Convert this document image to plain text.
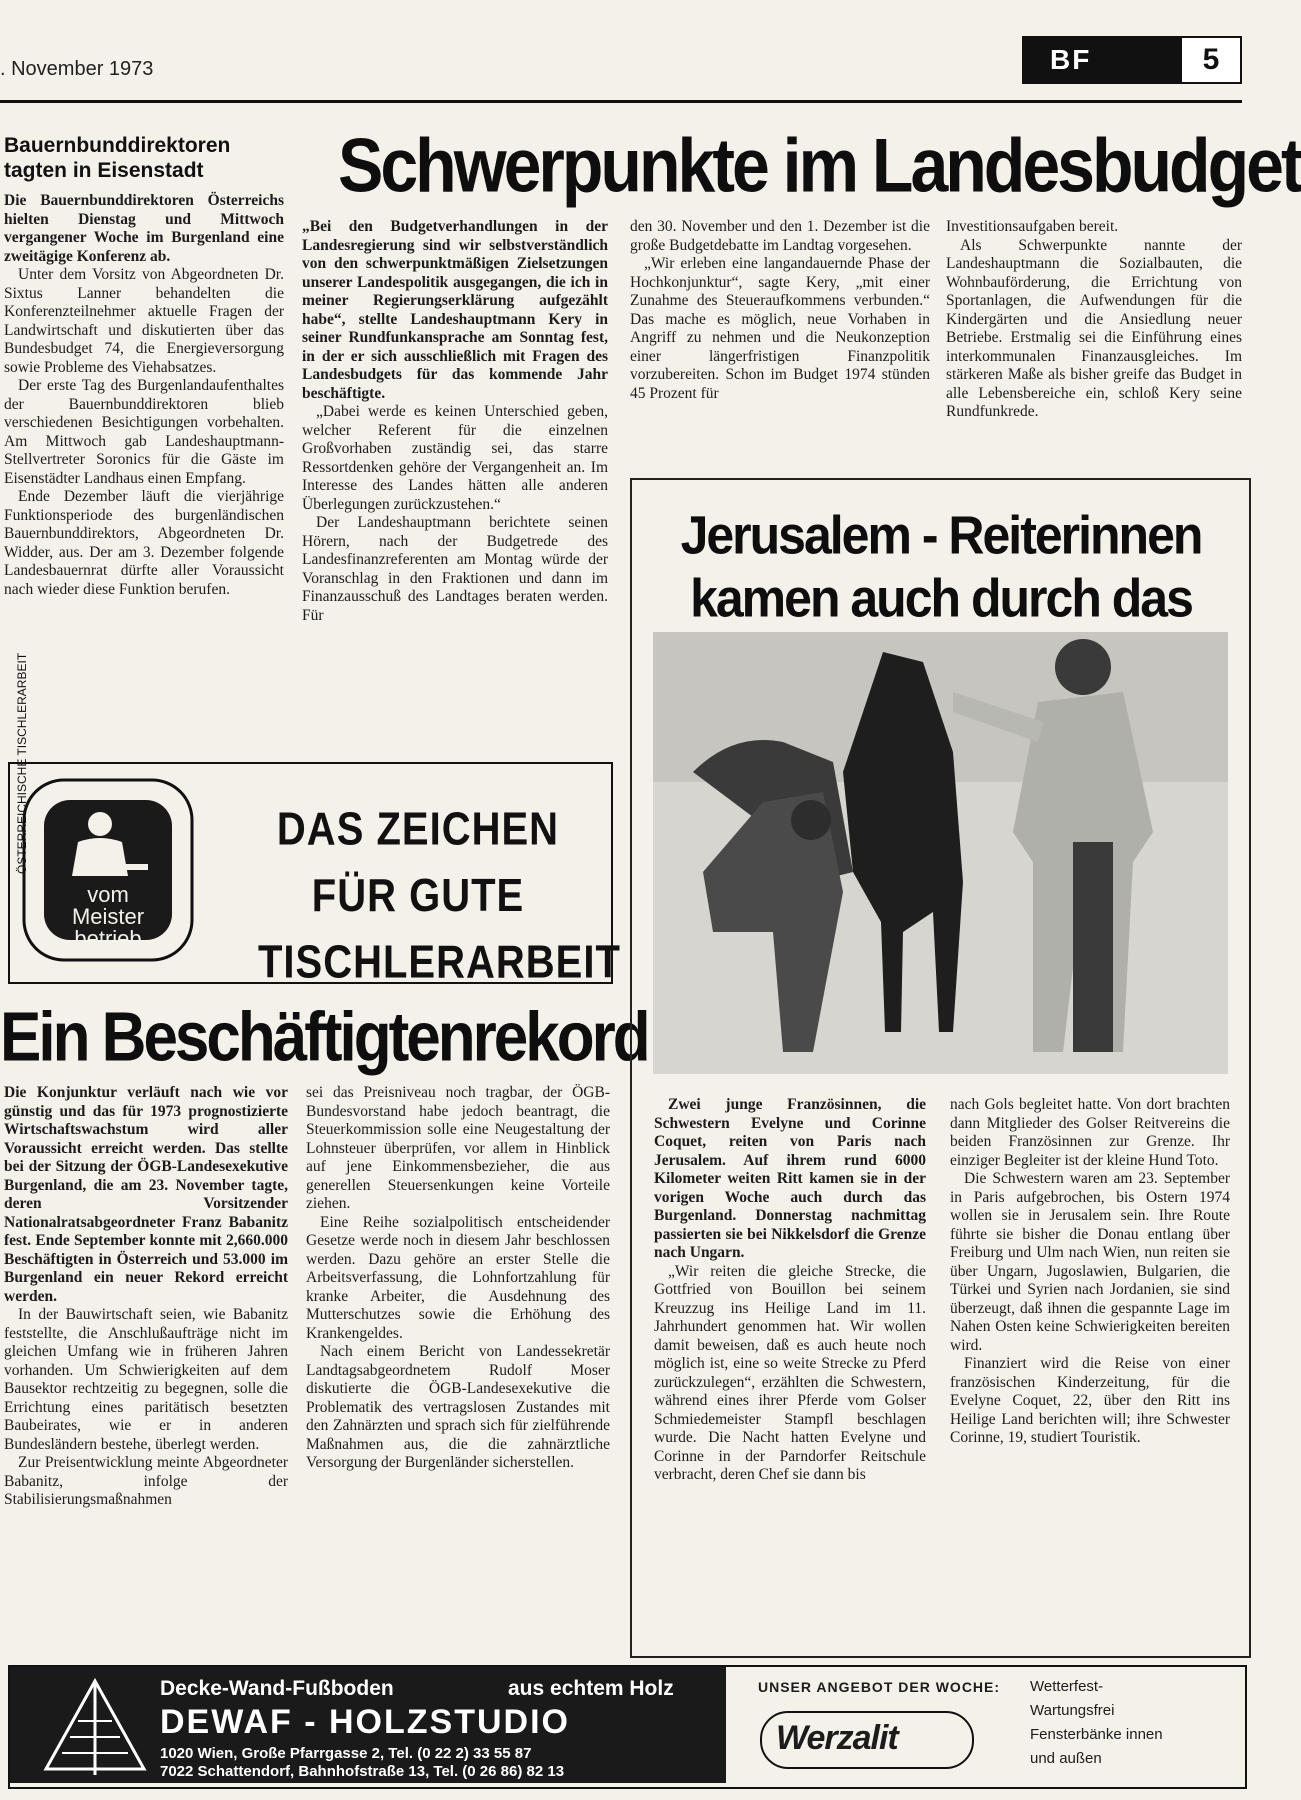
. November 1973	BF	5
Bauernbunddirektoren tagten in Eisenstadt

Die Bauernbunddirektoren Österreichs hielten Dienstag und Mittwoch vergangener Woche im Burgenland eine zweitägige Konferenz ab.

Unter dem Vorsitz von Abgeordneten Dr. Sixtus Lanner behandelten die Konferenzteilnehmer aktuelle Fragen der Landwirtschaft und diskutierten über das Bundesbudget 74, die Energieversorgung sowie Probleme des Viehabsatzes.

Der erste Tag des Burgenlandaufenthaltes der Bauernbunddirektoren blieb verschiedenen Besichtigungen vorbehalten. Am Mittwoch gab Landeshauptmann-Stellvertreter Soronics für die Gäste im Eisenstädter Landhaus einen Empfang.

Ende Dezember läuft die vierjährige Funktionsperiode des burgenländischen Bauernbunddirektors, Abgeordneten Dr. Widder, aus. Der am 3. Dezember folgende Landesbauernrat dürfte aller Voraussicht nach wieder diese Funktion berufen.

Schwerpunkte im Landesbudget

„Bei den Budgetverhandlungen in der Landesregierung sind wir selbstverständlich von den schwerpunktmäßigen Zielsetzungen unserer Landespolitik ausgegangen, die ich in meiner Regierungserklärung aufgezählt habe“, stellte Landeshauptmann Kery in seiner Rundfunkansprache am Sonntag fest, in der er sich ausschließlich mit Fragen des Landesbudgets für das kommende Jahr beschäftigte.

„Dabei werde es keinen Unterschied geben, welcher Referent für die einzelnen Großvorhaben zuständig sei, das starre Ressortdenken gehöre der Vergangenheit an. Im Interesse des Landes hätten alle anderen Überlegungen zurückzustehen.“

Der Landeshauptmann berichtete seinen Hörern, nach der Budgetrede des Landesfinanzreferenten am Montag würde der Voranschlag in den Fraktionen und dann im Finanzausschuß des Landtages beraten werden. Für

den 30. November und den 1. Dezember ist die große Budgetdebatte im Landtag vorgesehen.

„Wir erleben eine langandauernde Phase der Hochkonjunktur“, sagte Kery, „mit einer Zunahme des Steueraufkommens verbunden.“ Das mache es möglich, neue Vorhaben in Angriff zu nehmen und die Neukonzeption einer längerfristigen Finanzpolitik vorzubereiten. Schon im Budget 1974 stünden 45 Prozent für

Investitionsaufgaben bereit.

Als Schwerpunkte nannte der Landeshauptmann die Sozialbauten, die Wohnbauförderung, die Errichtung von Sportanlagen, die Aufwendungen für die Kindergärten und die Ansiedlung neuer Betriebe. Erstmalig sei die Einführung eines interkommunalen Finanzausgleiches. Im stärkeren Maße als bisher greife das Budget in alle Lebensbereiche ein, schloß Kery seine Rundfunkrede.

ÖSTERREICHISCHE TISCHLERARBEIT
vom
Meister
betrieb
DAS ZEICHEN
FÜR GUTE
TISCHLERARBEIT
Ein Beschäftigtenrekord

Die Konjunktur verläuft nach wie vor günstig und das für 1973 prognostizierte Wirtschaftswachstum wird aller Voraussicht erreicht werden. Das stellte bei der Sitzung der ÖGB-Landesexekutive Burgenland, die am 23. November tagte, deren Vorsitzender Nationalratsabgeordneter Franz Babanitz fest. Ende September konnte mit 2,660.000 Beschäftigten in Österreich und 53.000 im Burgenland ein neuer Rekord erreicht werden.

In der Bauwirtschaft seien, wie Babanitz feststellte, die Anschlußaufträge nicht im gleichen Umfang wie in früheren Jahren vorhanden. Um Schwierigkeiten auf dem Bausektor rechtzeitig zu begegnen, solle die Errichtung eines paritätisch besetzten Baubeirates, wie er in anderen Bundesländern bestehe, überlegt werden.

Zur Preisentwicklung meinte Abgeordneter Babanitz, infolge der Stabilisierungsmaßnahmen

sei das Preisniveau noch tragbar, der ÖGB-Bundesvorstand habe jedoch beantragt, die Steuerkommission solle eine Neugestaltung der Lohnsteuer überprüfen, vor allem in Hinblick auf jene Einkommensbezieher, die aus generellen Steuersenkungen keine Vorteile ziehen.

Eine Reihe sozialpolitisch entscheidender Gesetze werde noch in diesem Jahr beschlossen werden. Dazu gehöre an erster Stelle die Arbeitsverfassung, die Lohnfortzahlung für kranke Arbeiter, die Ausdehnung des Mutterschutzes sowie die Erhöhung des Krankengeldes.

Nach einem Bericht von Landessekretär Landtagsabgeordnetem Rudolf Moser diskutierte die ÖGB-Landesexekutive die Problematik des vertragslosen Zustandes mit den Zahnärzten und sprach sich für zielführende Maßnahmen aus, die die zahnärztliche Versorgung der Burgenländer sicherstellen.

Jerusalem - Reiterinnen kamen auch durch das

Zwei junge Französinnen, die Schwestern Evelyne und Corinne Coquet, reiten von Paris nach Jerusalem. Auf ihrem rund 6000 Kilometer weiten Ritt kamen sie in der vorigen Woche auch durch das Burgenland. Donnerstag nachmittag passierten sie bei Nikkelsdorf die Grenze nach Ungarn.

„Wir reiten die gleiche Strecke, die Gottfried von Bouillon bei seinem Kreuzzug ins Heilige Land im 11. Jahrhundert genommen hat. Wir wollen damit beweisen, daß es auch heute noch möglich ist, eine so weite Strecke zu Pferd zurückzulegen“, erzählten die Schwestern, während eines ihrer Pferde vom Golser Schmiedemeister Stampfl beschlagen wurde. Die Nacht hatten Evelyne und Corinne in der Parndorfer Reitschule verbracht, deren Chef sie dann bis

nach Gols begleitet hatte. Von dort brachten dann Mitglieder des Golser Reitvereins die beiden Französinnen zur Grenze. Ihr einziger Begleiter ist der kleine Hund Toto.

Die Schwestern waren am 23. September in Paris aufgebrochen, bis Ostern 1974 wollen sie in Jerusalem sein. Ihre Route führte sie bisher die Donau entlang über Freiburg und Ulm nach Wien, nun reiten sie über Ungarn, Jugoslawien, Bulgarien, die Türkei und Syrien nach Jordanien, sie sind überzeugt, daß ihnen die gespannte Lage im Nahen Osten keine Schwierigkeiten bereiten wird.

Finanziert wird die Reise von einer französischen Kinderzeitung, für die Evelyne Coquet, 22, über den Ritt ins Heilige Land berichten will; ihre Schwester Corinne, 19, studiert Touristik.

Decke-Wand-Fußboden	aus echtem Holz
DEWAF - HOLZSTUDIO
1020 Wien, Große Pfarrgasse 2, Tel. (0 22 2) 33 55 87
7022 Schattendorf, Bahnhofstraße 13, Tel. (0 26 86) 82 13
UNSER ANGEBOT DER WOCHE:
Werzalit
Wetterfest-
Wartungsfrei
Fensterbänke innen
und außen
